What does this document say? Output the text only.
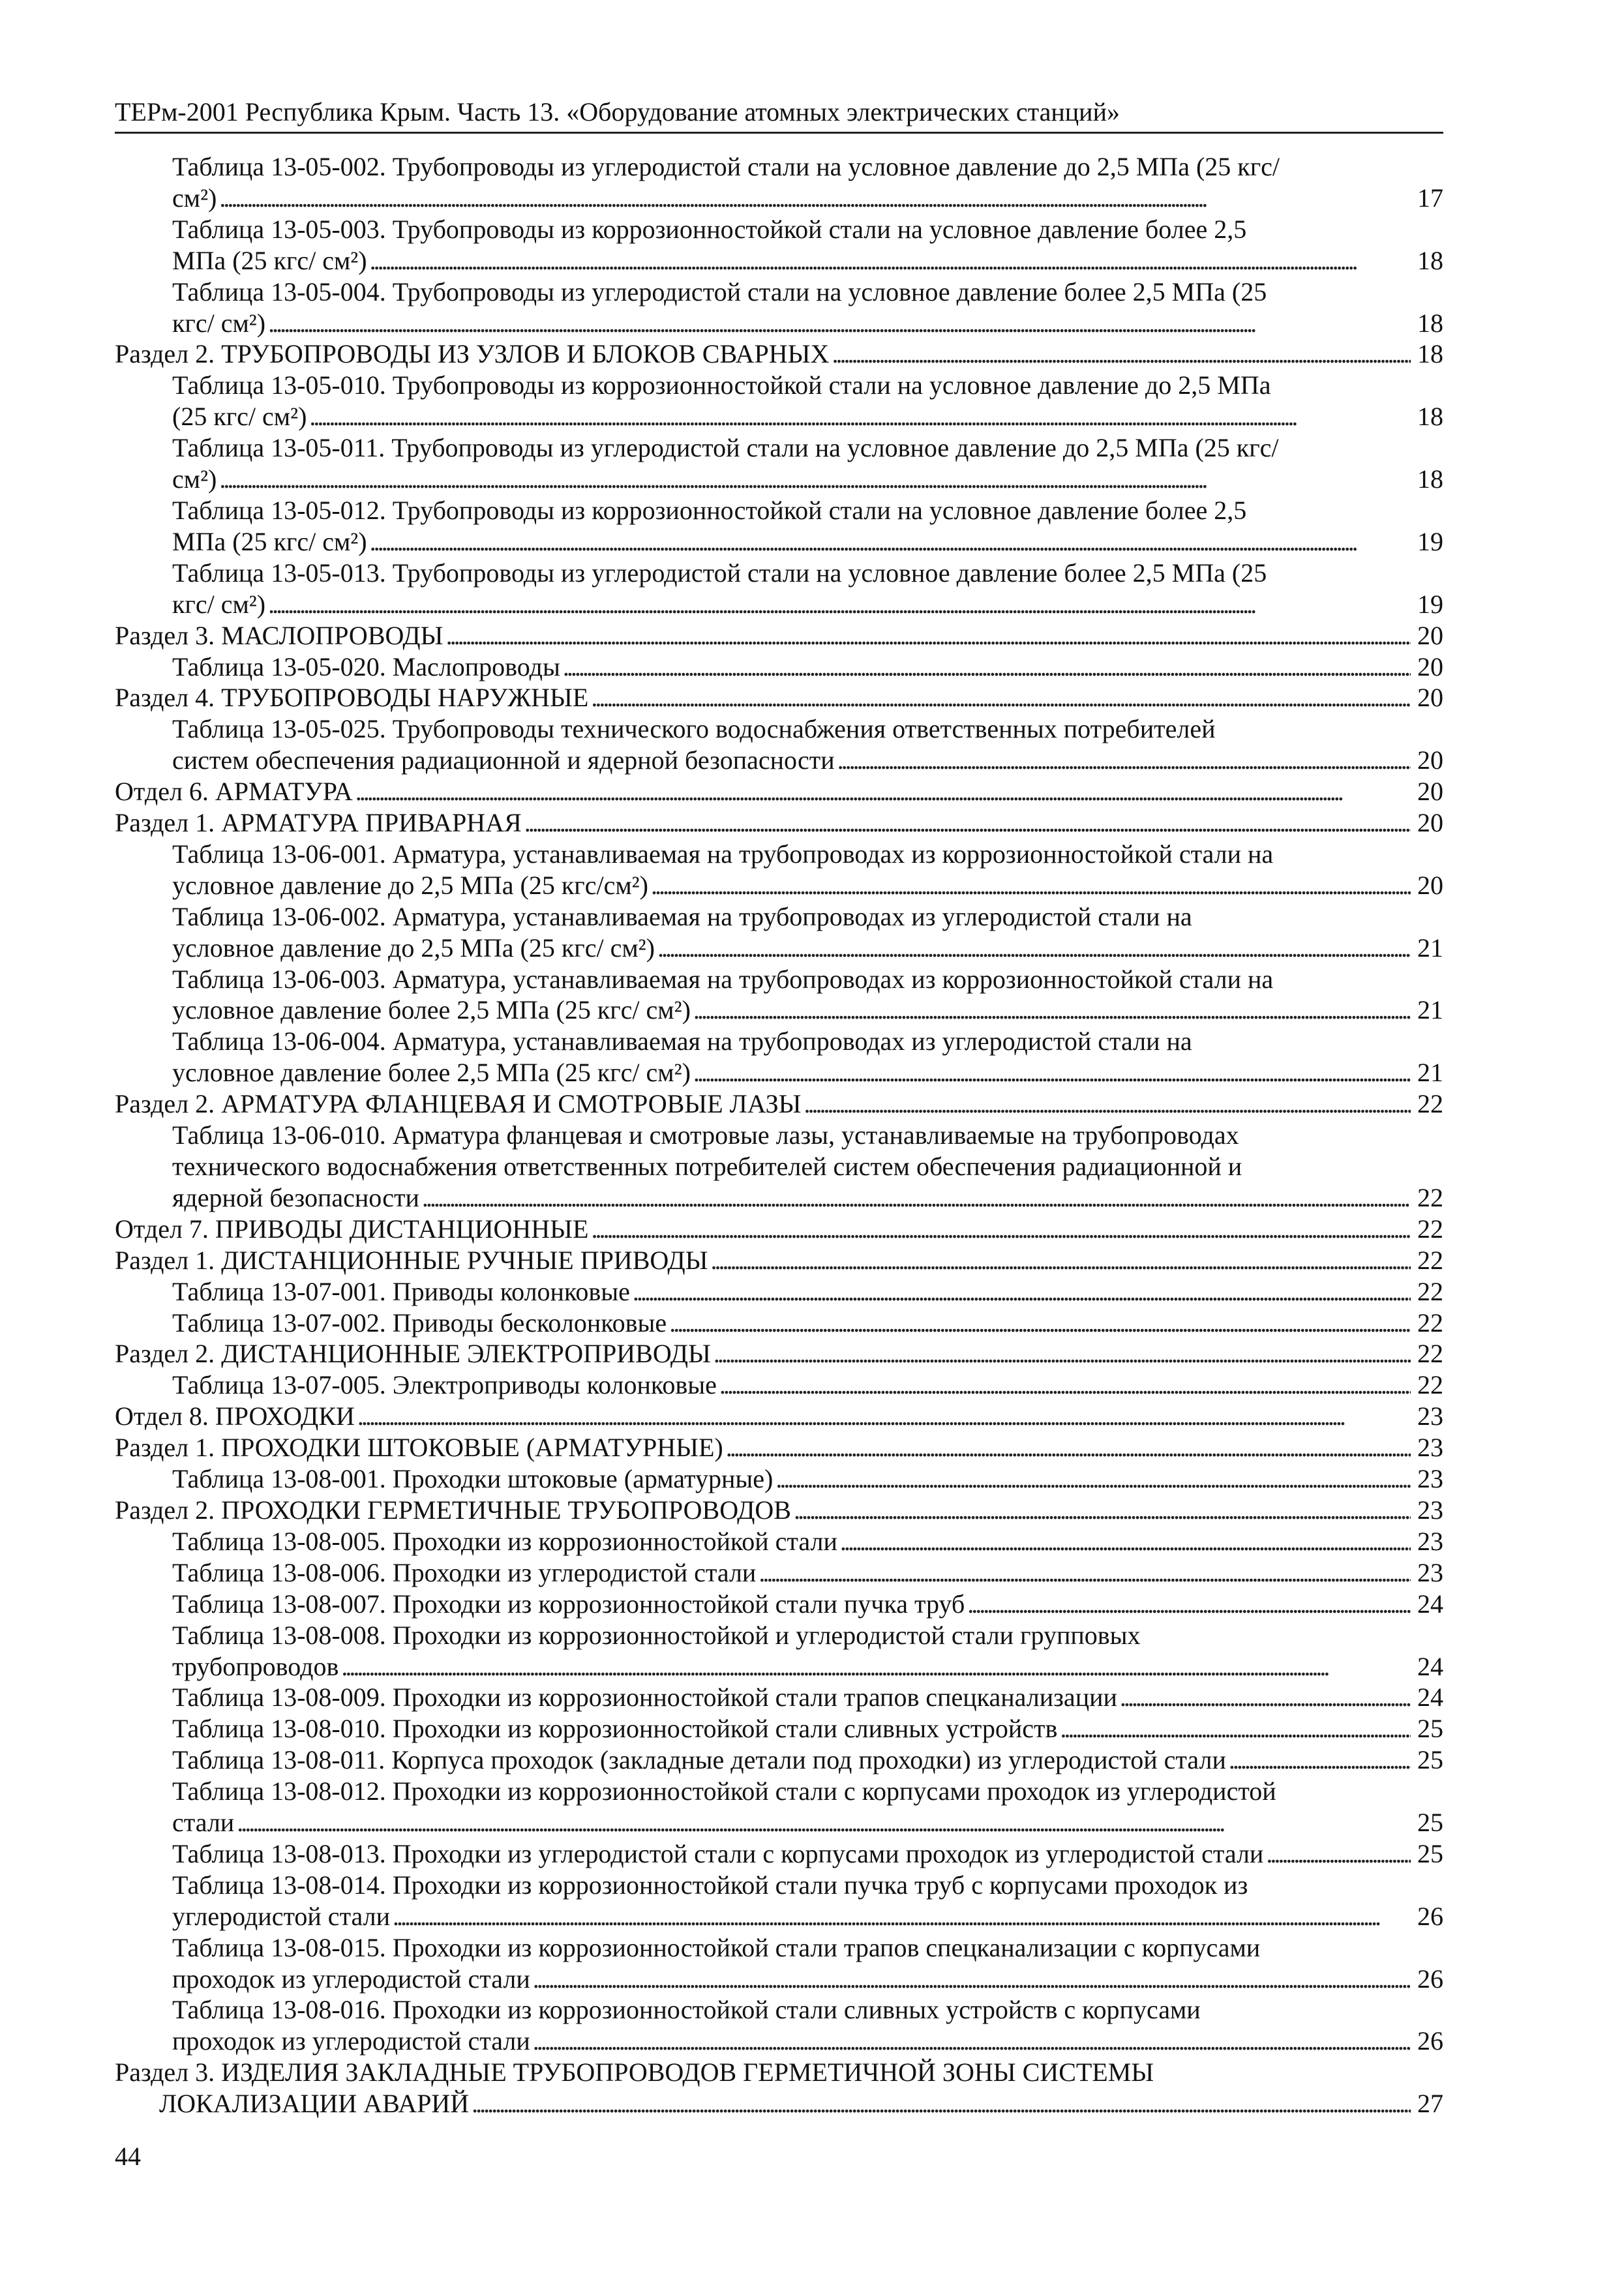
ТЕРм-2001 Республика Крым. Часть 13. «Оборудование атомных электрических станций»
Таблица 13-05-002. Трубопроводы из углеродистой стали на условное давление до 2,5 МПа (25 кгс/
см²) . . .	17
Таблица 13-05-003. Трубопроводы из коррозионностойкой стали на условное давление более 2,5
МПа (25 кгс/ см²) . . .	18
Таблица 13-05-004. Трубопроводы из углеродистой стали на условное давление более 2,5 МПа (25
кгс/ см²) . . .	18
Раздел 2. ТРУБОПРОВОДЫ ИЗ УЗЛОВ И БЛОКОВ СВАРНЫХ . . .	18
Таблица 13-05-010. Трубопроводы из коррозионностойкой стали на условное давление до 2,5 МПа
(25 кгс/ см²) . . .	18
Таблица 13-05-011. Трубопроводы из углеродистой стали на условное давление до 2,5 МПа (25 кгс/
см²) . . .	18
Таблица 13-05-012. Трубопроводы из коррозионностойкой стали на условное давление более 2,5
МПа (25 кгс/ см²) . . .	19
Таблица 13-05-013. Трубопроводы из углеродистой стали на условное давление более 2,5 МПа (25
кгс/ см²) . . .	19
Раздел 3. МАСЛОПРОВОДЫ . . .	20
Таблица 13-05-020. Маслопроводы . . .	20
Раздел 4. ТРУБОПРОВОДЫ НАРУЖНЫЕ . . .	20
Таблица 13-05-025. Трубопроводы технического водоснабжения ответственных потребителей
систем обеспечения радиационной и ядерной безопасности . . .	20
Отдел 6. АРМАТУРА . . .	20
Раздел 1. АРМАТУРА ПРИВАРНАЯ . . .	20
Таблица 13-06-001. Арматура, устанавливаемая на трубопроводах из коррозионностойкой стали на
условное давление до 2,5 МПа (25 кгс/см²) . . .	20
Таблица 13-06-002. Арматура, устанавливаемая на трубопроводах из углеродистой стали на
условное давление до 2,5 МПа (25 кгс/ см²) . . .	21
Таблица 13-06-003. Арматура, устанавливаемая на трубопроводах из коррозионностойкой стали на
условное давление более 2,5 МПа (25 кгс/ см²) . . .	21
Таблица 13-06-004. Арматура, устанавливаемая на трубопроводах из углеродистой стали на
условное давление более 2,5 МПа (25 кгс/ см²) . . .	21
Раздел 2. АРМАТУРА ФЛАНЦЕВАЯ И СМОТРОВЫЕ ЛАЗЫ . . .	22
Таблица 13-06-010. Арматура фланцевая и смотровые лазы, устанавливаемые на трубопроводах
технического водоснабжения ответственных потребителей систем обеспечения радиационной и
ядерной безопасности . . .	22
Отдел 7. ПРИВОДЫ ДИСТАНЦИОННЫЕ . . .	22
Раздел 1. ДИСТАНЦИОННЫЕ РУЧНЫЕ ПРИВОДЫ . . .	22
Таблица 13-07-001. Приводы колонковые . . .	22
Таблица 13-07-002. Приводы бесколонковые . . .	22
Раздел 2. ДИСТАНЦИОННЫЕ ЭЛЕКТРОПРИВОДЫ . . .	22
Таблица 13-07-005. Электроприводы колонковые . . .	22
Отдел 8. ПРОХОДКИ . . .	23
Раздел 1. ПРОХОДКИ ШТОКОВЫЕ (АРМАТУРНЫЕ) . . .	23
Таблица 13-08-001. Проходки штоковые (арматурные) . . .	23
Раздел 2. ПРОХОДКИ ГЕРМЕТИЧНЫЕ ТРУБОПРОВОДОВ . . .	23
Таблица 13-08-005. Проходки из коррозионностойкой стали . . .	23
Таблица 13-08-006. Проходки из углеродистой стали . . .	23
Таблица 13-08-007. Проходки из коррозионностойкой стали пучка труб . . .	24
Таблица 13-08-008. Проходки из коррозионностойкой и углеродистой стали групповых
трубопроводов . . .	24
Таблица 13-08-009. Проходки из коррозионностойкой стали трапов спецканализации . . .	24
Таблица 13-08-010. Проходки из коррозионностойкой стали сливных устройств . . .	25
Таблица 13-08-011. Корпуса проходок (закладные детали под проходки) из углеродистой стали . . .	25
Таблица 13-08-012. Проходки из коррозионностойкой стали с корпусами проходок из углеродистой
стали . . .	25
Таблица 13-08-013. Проходки из углеродистой стали с корпусами проходок из углеродистой стали . . .	25
Таблица 13-08-014. Проходки из коррозионностойкой стали пучка труб с корпусами проходок из
углеродистой стали . . .	26
Таблица 13-08-015. Проходки из коррозионностойкой стали трапов спецканализации с корпусами
проходок из углеродистой стали . . .	26
Таблица 13-08-016. Проходки из коррозионностойкой стали сливных устройств с корпусами
проходок из углеродистой стали . . .	26
Раздел 3. ИЗДЕЛИЯ ЗАКЛАДНЫЕ ТРУБОПРОВОДОВ ГЕРМЕТИЧНОЙ ЗОНЫ СИСТЕМЫ
ЛОКАЛИЗАЦИИ АВАРИЙ . . .	27
44
